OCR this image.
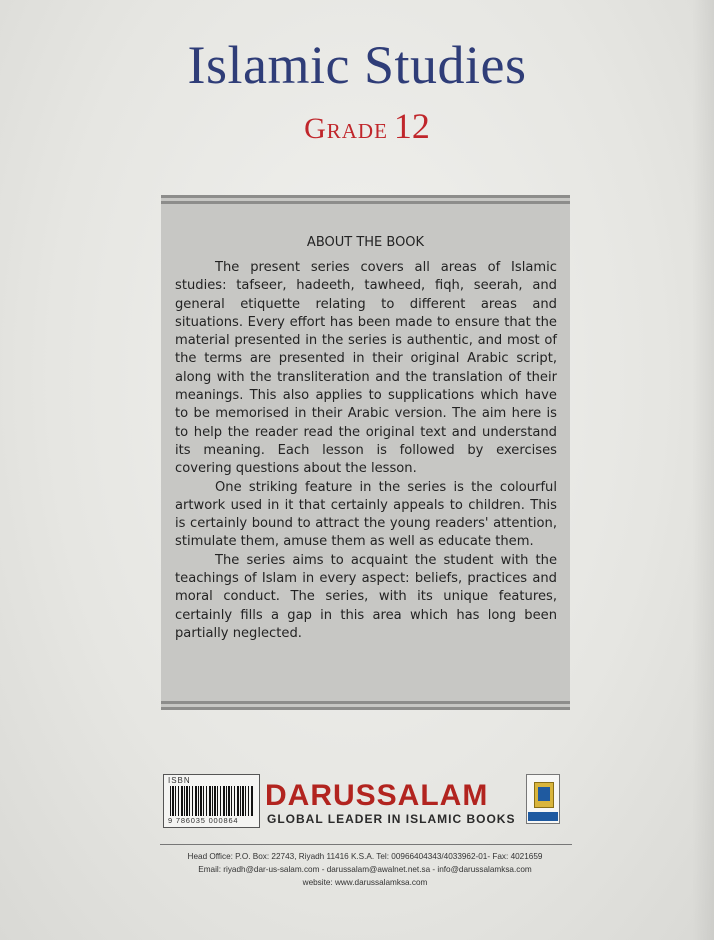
Islamic Studies
Grade 12
ABOUT THE BOOK

The present series covers all areas of Islamic studies: tafseer, hadeeth, tawheed, fiqh, seerah, and general etiquette relating to different areas and situations. Every effort has been made to ensure that the material presented in the series is authentic, and most of the terms are presented in their original Arabic script, along with the transliteration and the translation of their meanings. This also applies to supplications which have to be memorised in their Arabic version. The aim here is to help the reader read the original text and understand its meaning. Each lesson is followed by exercises covering questions about the lesson.

One striking feature in the series is the colourful artwork used in it that certainly appeals to children. This is certainly bound to attract the young readers' attention, stimulate them, amuse them as well as educate them.

The series aims to acquaint the student with the teachings of Islam in every aspect: beliefs, practices and moral conduct. The series, with its unique features, certainly fills a gap in this area which has long been partially neglected.

ISBN
9 786035 000864
DARUSSALAM
GLOBAL LEADER IN ISLAMIC BOOKS
Head Office: P.O. Box: 22743, Riyadh 11416 K.S.A. Tel: 00966404343/4033962-01- Fax: 4021659
Email: riyadh@dar-us-salam.com - darussalam@awalnet.net.sa - info@darussalamksa.com
website: www.darussalamksa.com
